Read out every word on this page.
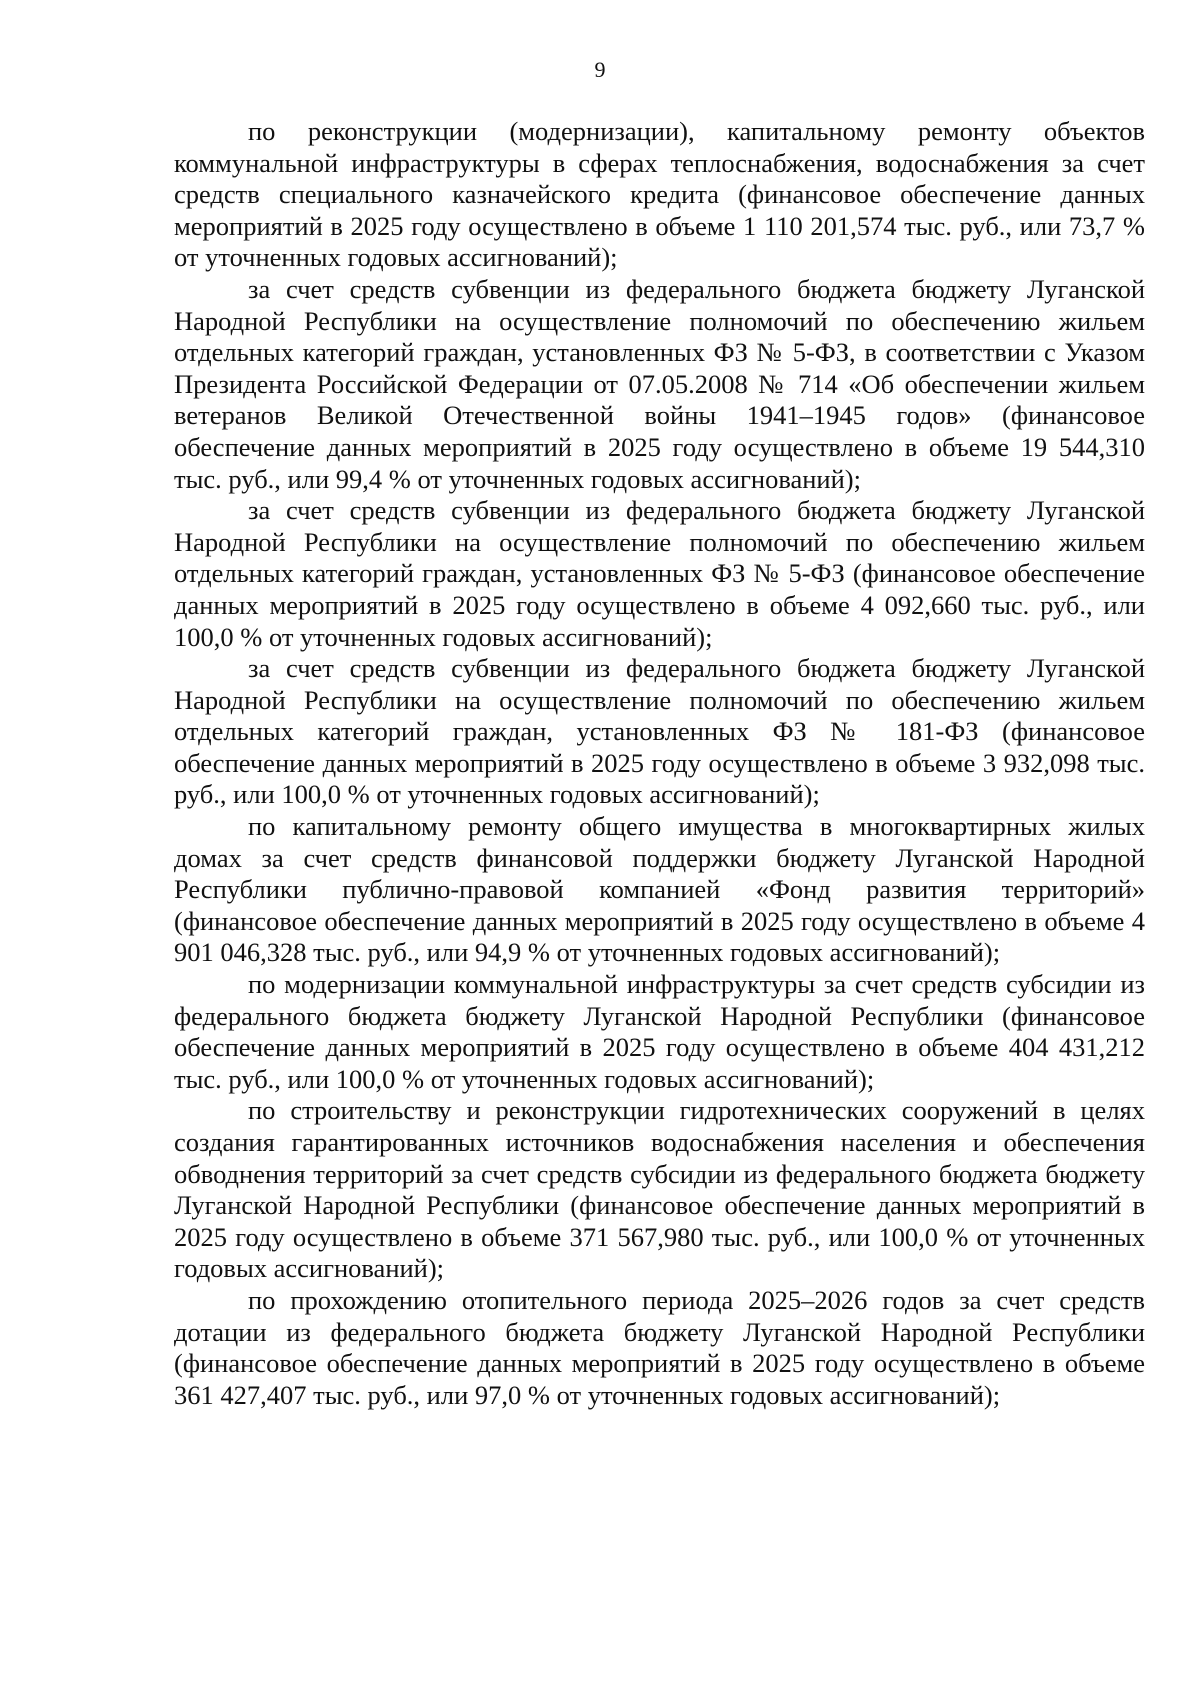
9

по реконструкции (модернизации), капитальному ремонту объектов коммунальной инфраструктуры в сферах теплоснабжения, водоснабжения за счет средств специального казначейского кредита (финансовое обеспечение данных мероприятий в 2025 году осуществлено в объеме 1 110 201,574 тыс. руб., или 73,7 % от уточненных годовых ассигнований);

за счет средств субвенции из федерального бюджета бюджету Луганской Народной Республики на осуществление полномочий по обеспечению жильем отдельных категорий граждан, установленных ФЗ № 5-ФЗ, в соответствии с Указом Президента Российской Федерации от 07.05.2008 № 714 «Об обеспечении жильем ветеранов Великой Отечественной войны 1941–1945 годов» (финансовое обеспечение данных мероприятий в 2025 году осуществлено в объеме 19 544,310 тыс. руб., или 99,4 % от уточненных годовых ассигнований);

за счет средств субвенции из федерального бюджета бюджету Луганской Народной Республики на осуществление полномочий по обеспечению жильем отдельных категорий граждан, установленных ФЗ № 5-ФЗ (финансовое обеспечение данных мероприятий в 2025 году осуществлено в объеме 4 092,660 тыс. руб., или 100,0 % от уточненных годовых ассигнований);

за счет средств субвенции из федерального бюджета бюджету Луганской Народной Республики на осуществление полномочий по обеспечению жильем отдельных категорий граждан, установленных ФЗ № 181-ФЗ (финансовое обеспечение данных мероприятий в 2025 году осуществлено в объеме 3 932,098 тыс. руб., или 100,0 % от уточненных годовых ассигнований);

по капитальному ремонту общего имущества в многоквартирных жилых домах за счет средств финансовой поддержки бюджету Луганской Народной Республики публично-правовой компанией «Фонд развития территорий» (финансовое обеспечение данных мероприятий в 2025 году осуществлено в объеме 4 901 046,328 тыс. руб., или 94,9 % от уточненных годовых ассигнований);

по модернизации коммунальной инфраструктуры за счет средств субсидии из федерального бюджета бюджету Луганской Народной Республики (финансовое обеспечение данных мероприятий в 2025 году осуществлено в объеме 404 431,212 тыс. руб., или 100,0 % от уточненных годовых ассигнований);

по строительству и реконструкции гидротехнических сооружений в целях создания гарантированных источников водоснабжения населения и обеспечения обводнения территорий за счет средств субсидии из федерального бюджета бюджету Луганской Народной Республики (финансовое обеспечение данных мероприятий в 2025 году осуществлено в объеме 371 567,980 тыс. руб., или 100,0 % от уточненных годовых ассигнований);

по прохождению отопительного периода 2025–2026 годов за счет средств дотации из федерального бюджета бюджету Луганской Народной Республики (финансовое обеспечение данных мероприятий в 2025 году осуществлено в объеме 361 427,407 тыс. руб., или 97,0 % от уточненных годовых ассигнований);
